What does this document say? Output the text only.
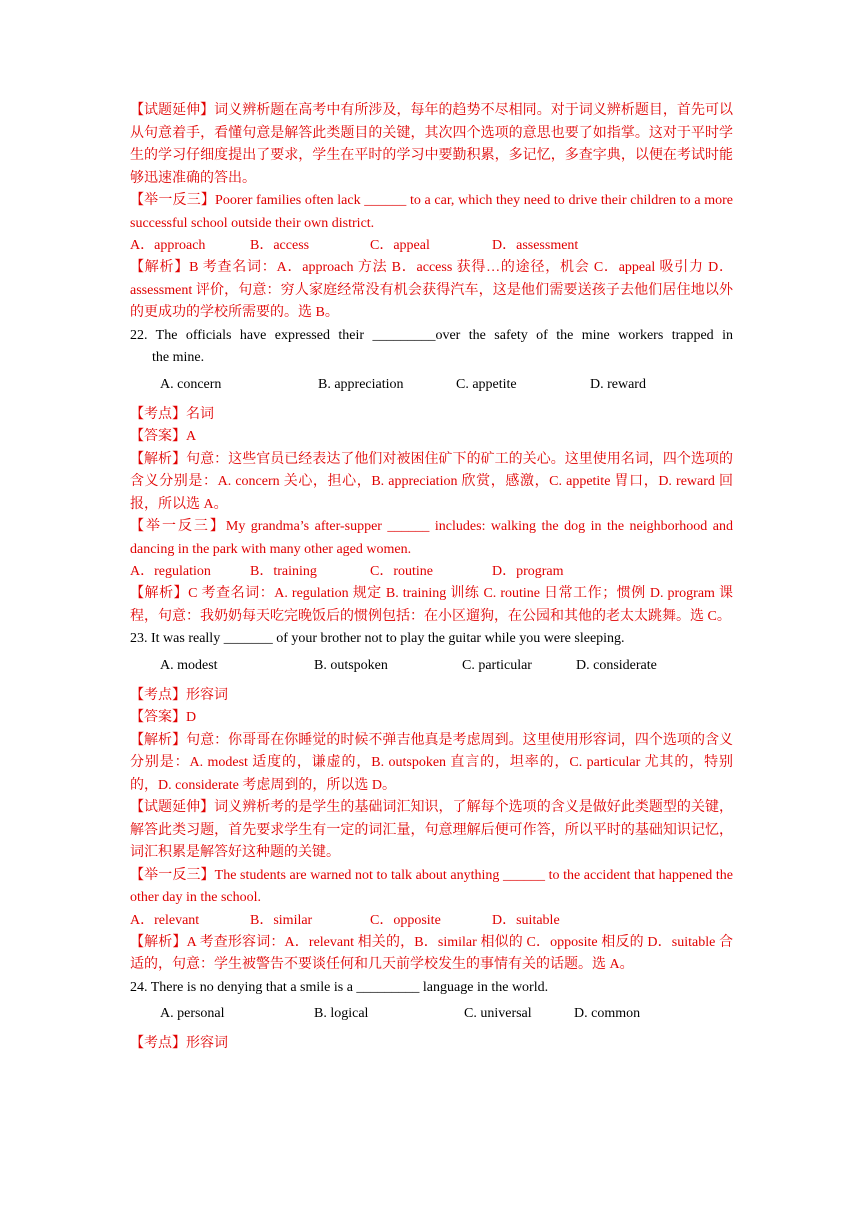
【试题延伸】词义辨析题在高考中有所涉及，每年的趋势不尽相同。对于词义辨析题目，首先可以从句意着手，看懂句意是解答此类题目的关键，其次四个选项的意思也要了如指掌。这对于平时学生的学习仔细度提出了要求，学生在平时的学习中要勤积累，多记忆，多查字典，以便在考试时能够迅速准确的答出。
【举一反三】Poorer families often lack ______ to a car, which they need to drive their children to a more successful school outside their own district.
A．approach	B．access	C．appeal	D．assessment
【解析】B 考查名词：A．approach 方法 B．access 获得…的途径，机会 C．appeal 吸引力 D．assessment 评价，句意：穷人家庭经常没有机会获得汽车，这是他们需要送孩子去他们居住地以外的更成功的学校所需要的。选 B。
22. The officials have expressed their _________over the safety of the mine workers trapped in
the mine.
A. concern	B. appreciation	C. appetite	D. reward
【考点】名词
【答案】A
【解析】句意：这些官员已经表达了他们对被困住矿下的矿工的关心。这里使用名词，四个选项的含义分别是：A. concern 关心，担心，B. appreciation 欣赏，感激，C. appetite 胃口，D. reward 回报，所以选 A。
【举一反三】My grandma’s after-supper ______ includes: walking the dog in the neighborhood and dancing in the park with many other aged women.
A．regulation	B．training	C．routine	D．program
【解析】C 考查名词：A. regulation 规定 B. training 训练 C. routine 日常工作；惯例 D. program 课程，句意：我奶奶每天吃完晚饭后的惯例包括：在小区遛狗，在公园和其他的老太太跳舞。选 C。
23. It was really _______ of your brother not to play the guitar while you were sleeping.
A. modest	B. outspoken	C. particular	D. considerate
【考点】形容词
【答案】D
【解析】句意：你哥哥在你睡觉的时候不弹吉他真是考虑周到。这里使用形容词，四个选项的含义分别是：A. modest 适度的，谦虚的，B. outspoken 直言的，坦率的，C. particular 尤其的，特别的，D. considerate 考虑周到的，所以选 D。
【试题延伸】词义辨析考的是学生的基础词汇知识，了解每个选项的含义是做好此类题型的关键，解答此类习题，首先要求学生有一定的词汇量，句意理解后便可作答，所以平时的基础知识记忆，词汇积累是解答好这种题的关键。
【举一反三】The students are warned not to talk about anything ______ to the accident that happened the other day in the school.
A．relevant	B．similar	C．opposite	D．suitable
【解析】A 考查形容词：A．relevant 相关的，B．similar 相似的 C．opposite 相反的 D．suitable 合适的，句意：学生被警告不要谈任何和几天前学校发生的事情有关的话题。选 A。
24. There is no denying that a smile is a _________ language in the world.
A. personal	B. logical	C. universal	D. common
【考点】形容词
